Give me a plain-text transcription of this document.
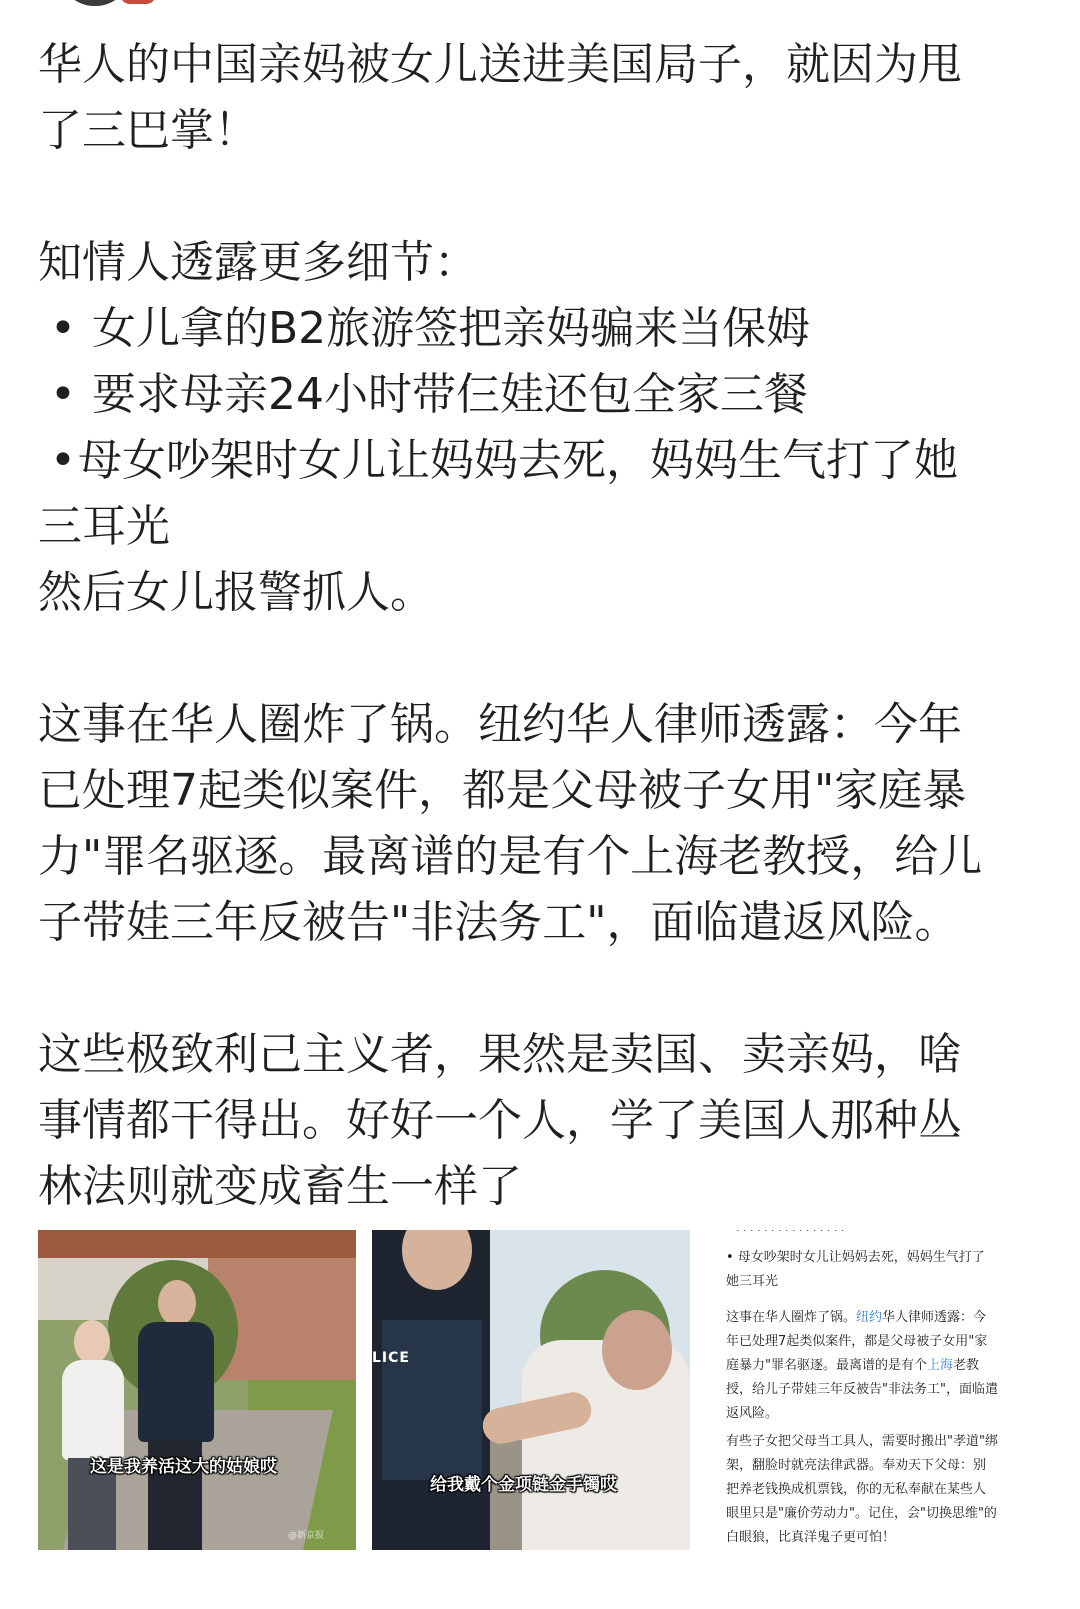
华人的中国亲妈被女儿送进美国局子，就因为甩

了三巴掌！

知情人透露更多细节：

• 女儿拿的B2旅游签把亲妈骗来当保姆

• 要求母亲24小时带仨娃还包全家三餐

•母女吵架时女儿让妈妈去死，妈妈生气打了她

三耳光

然后女儿报警抓人。

这事在华人圈炸了锅。纽约华人律师透露：今年

已处理7起类似案件，都是父母被子女用"家庭暴

力"罪名驱逐。最离谱的是有个上海老教授，给儿

子带娃三年反被告"非法务工"，面临遣返风险。

这些极致利己主义者，果然是卖国、卖亲妈，啥

事情都干得出。好好一个人，学了美国人那种丛

林法则就变成畜生一样了

这是我养活这大的姑娘哎
@新京报
LICE
给我戴个金项链金手镯哎
· · · · · · · · · · · · · · · ·

• 母女吵架时女儿让妈妈去死，妈妈生气打了

她三耳光

这事在华人圈炸了锅。纽约华人律师透露：今

年已处理7起类似案件，都是父母被子女用"家

庭暴力"罪名驱逐。最离谱的是有个上海老教

授，给儿子带娃三年反被告"非法务工"，面临遣

返风险。

有些子女把父母当工具人，需要时搬出"孝道"绑

架，翻脸时就亮法律武器。奉劝天下父母：别

把养老钱换成机票钱，你的无私奉献在某些人

眼里只是"廉价劳动力"。记住，会"切换思维"的

白眼狼，比真洋鬼子更可怕！
